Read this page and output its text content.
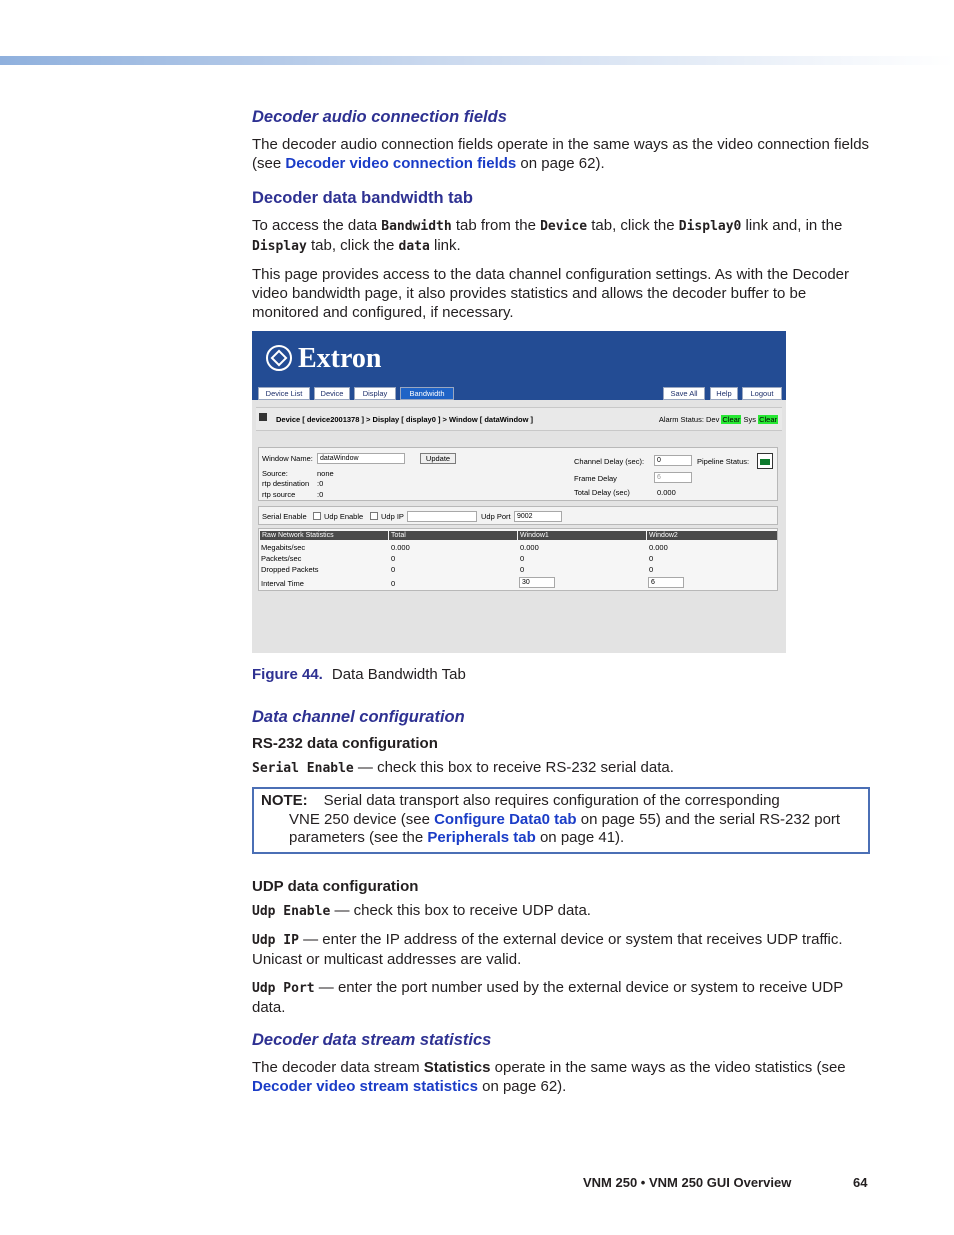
Decoder audio connection fields

The decoder audio connection fields operate in the same ways as the video connection fields (see Decoder video connection fields on page 62).

Decoder data bandwidth tab

To access the data Bandwidth tab from the Device tab, click the Display0 link and, in the Display tab, click the data link.

This page provides access to the data channel configuration settings. As with the Decoder video bandwidth page, it also provides statistics and allows the decoder buffer to be monitored and configured, if necessary.

Extron
Device List	Device	Display	Bandwidth	Save All	Help	Logout
Device [ device2001378 ] > Display [ display0 ] > Window [ dataWindow ]	Alarm Status: Dev Clear Sys Clear
Window Name:	dataWindow	Update
Source:	none
rtp destination :0
rtp source	:0
Channel Delay (sec):	0	Pipeline Status:
Frame Delay	6
Total Delay (sec)	0.000
Serial Enable Udp Enable Udp IP	Udp Port 9002
Raw Network Statistics	Total	Window1	Window2
Megabits/sec	0.000	0.000	0.000
Packets/sec	0	0	0
Dropped Packets	0	0	0
Interval Time	0	30	6

Figure 44. Data Bandwidth Tab

Data channel configuration
RS-232 data configuration

Serial Enable — check this box to receive RS-232 serial data.

NOTE: Serial data transport also requires configuration of the corresponding
VNE 250 device (see Configure Data0 tab on page 55) and the serial RS-232 port parameters (see the Peripherals tab on page 41).
UDP data configuration

Udp Enable — check this box to receive UDP data.

Udp IP — enter the IP address of the external device or system that receives UDP traffic. Unicast or multicast addresses are valid.

Udp Port — enter the port number used by the external device or system to receive UDP data.

Decoder data stream statistics

The decoder data stream Statistics operate in the same ways as the video statistics (see Decoder video stream statistics on page 62).

VNM 250 • VNM 250 GUI Overview	64
